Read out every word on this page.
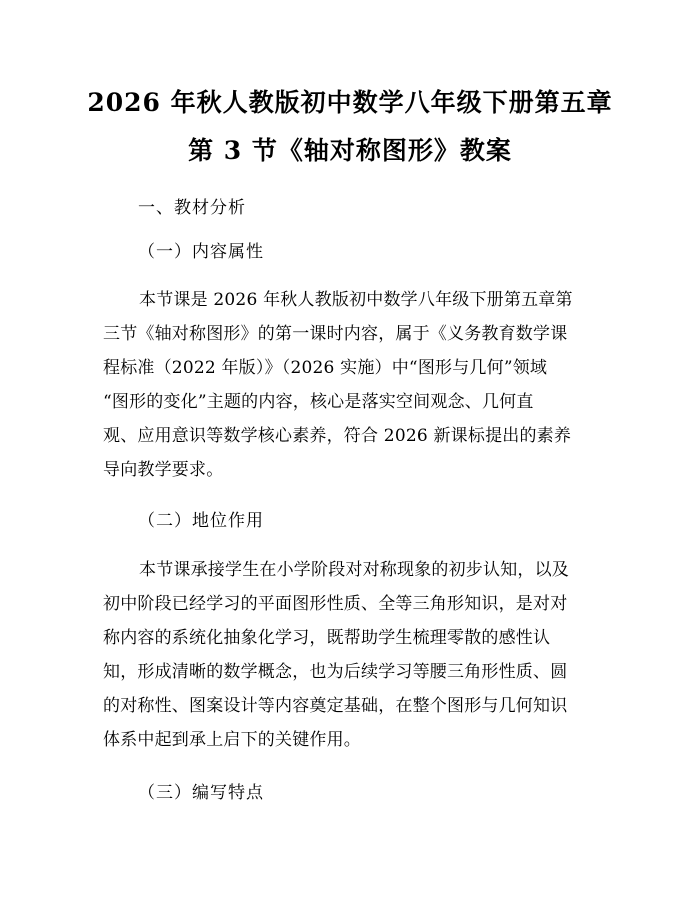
2026 年秋人教版初中数学八年级下册第五章
第 3 节《轴对称图形》教案
一、教材分析
（一）内容属性
本节课是 2026 年秋人教版初中数学八年级下册第五章第
三节《轴对称图形》的第一课时内容，属于《义务教育数学课
程标准（2022 年版）》（2026 实施）中“图形与几何”领域
“图形的变化”主题的内容，核心是落实空间观念、几何直
观、应用意识等数学核心素养，符合 2026 新课标提出的素养
导向教学要求。
（二）地位作用
本节课承接学生在小学阶段对对称现象的初步认知，以及
初中阶段已经学习的平面图形性质、全等三角形知识，是对对
称内容的系统化抽象化学习，既帮助学生梳理零散的感性认
知，形成清晰的数学概念，也为后续学习等腰三角形性质、圆
的对称性、图案设计等内容奠定基础，在整个图形与几何知识
体系中起到承上启下的关键作用。
（三）编写特点
